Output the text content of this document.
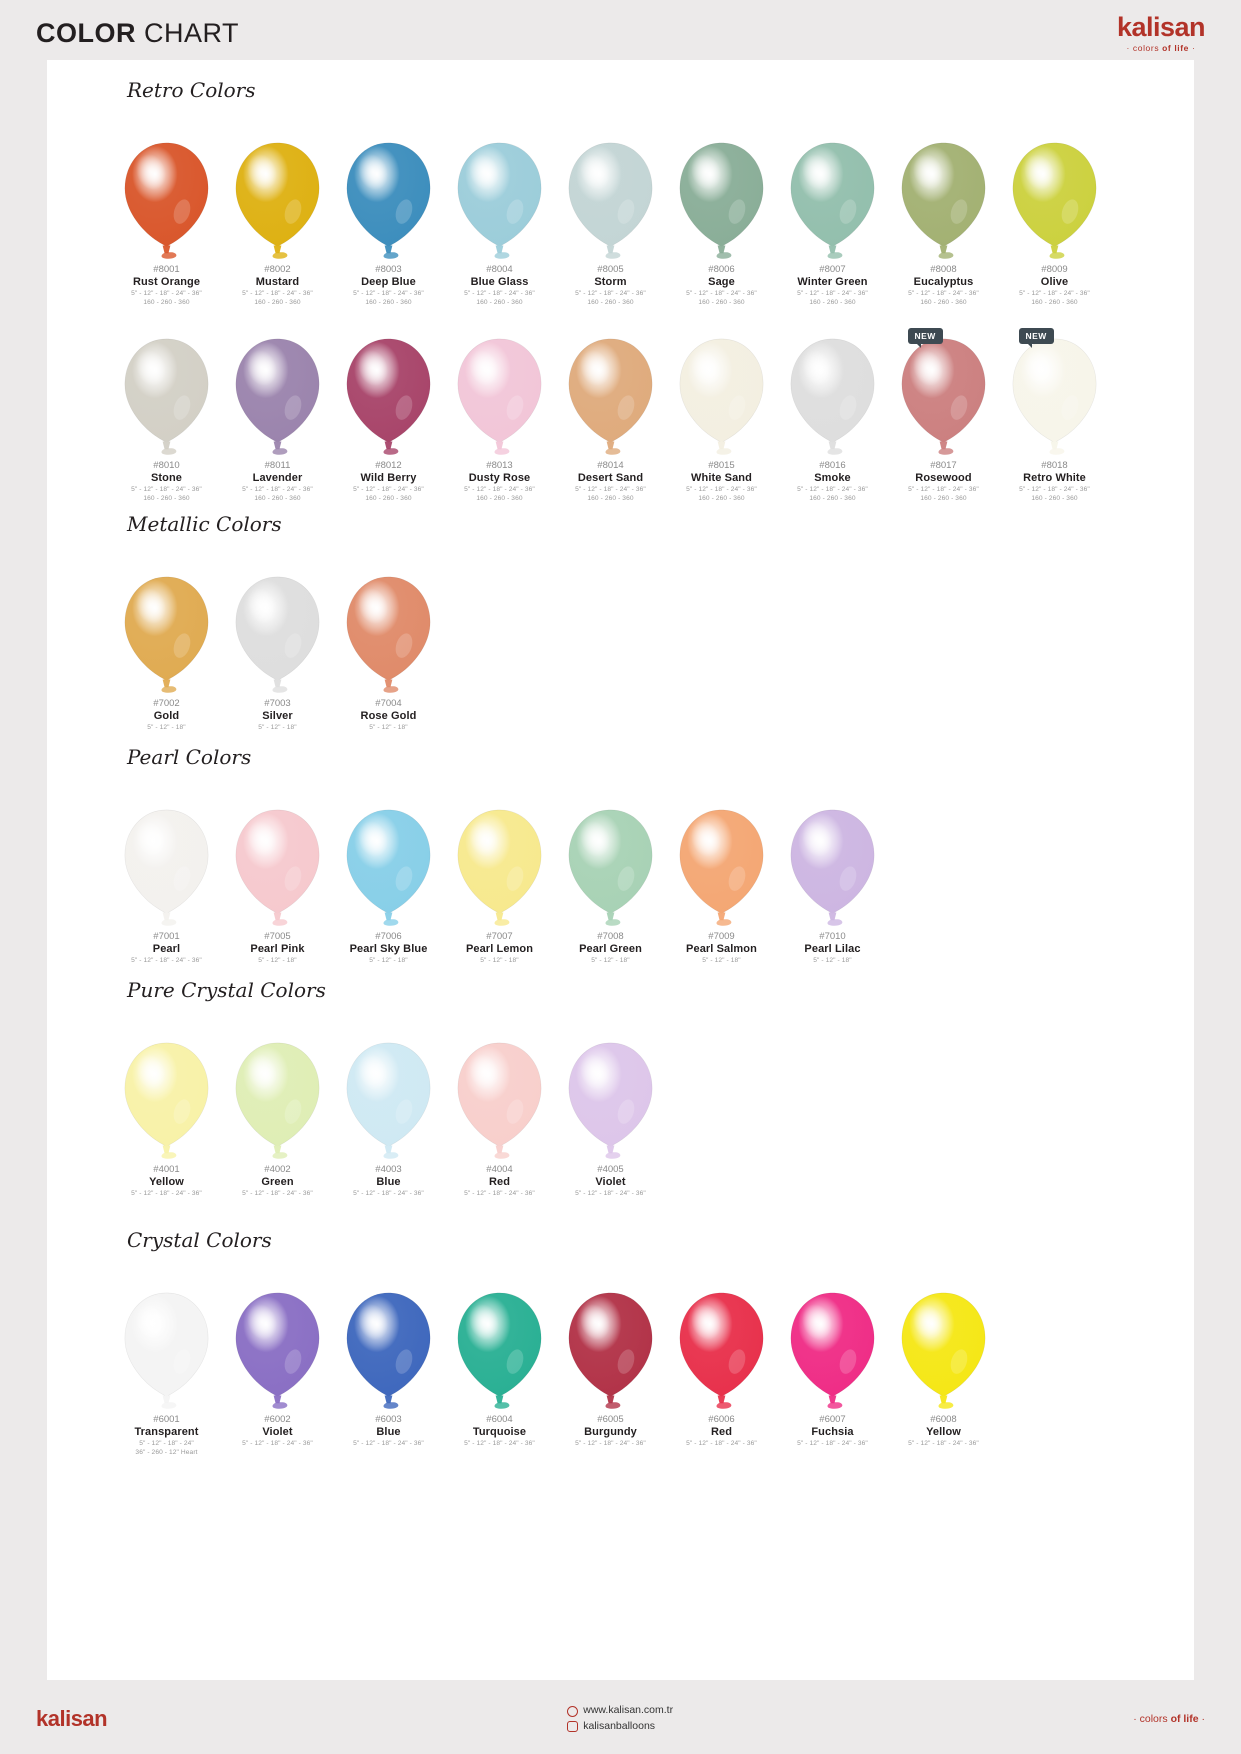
COLOR CHART	kalisan
· colors of life ·
Retro Colors
#8001
Rust Orange
5" - 12" - 18" - 24" - 36"
160 - 260 - 360
#8002
Mustard
5" - 12" - 18" - 24" - 36"
160 - 260 - 360
#8003
Deep Blue
5" - 12" - 18" - 24" - 36"
160 - 260 - 360
#8004
Blue Glass
5" - 12" - 18" - 24" - 36"
160 - 260 - 360
#8005
Storm
5" - 12" - 18" - 24" - 36"
160 - 260 - 360
#8006
Sage
5" - 12" - 18" - 24" - 36"
160 - 260 - 360
#8007
Winter Green
5" - 12" - 18" - 24" - 36"
160 - 260 - 360
#8008
Eucalyptus
5" - 12" - 18" - 24" - 36"
160 - 260 - 360
#8009
Olive
5" - 12" - 18" - 24" - 36"
160 - 260 - 360
#8010
Stone
5" - 12" - 18" - 24" - 36"
160 - 260 - 360
#8011
Lavender
5" - 12" - 18" - 24" - 36"
160 - 260 - 360
#8012
Wild Berry
5" - 12" - 18" - 24" - 36"
160 - 260 - 360
#8013
Dusty Rose
5" - 12" - 18" - 24" - 36"
160 - 260 - 360
#8014
Desert Sand
5" - 12" - 18" - 24" - 36"
160 - 260 - 360
#8015
White Sand
5" - 12" - 18" - 24" - 36"
160 - 260 - 360
#8016
Smoke
5" - 12" - 18" - 24" - 36"
160 - 260 - 360
NEW
#8017
Rosewood
5" - 12" - 18" - 24" - 36"
160 - 260 - 360
NEW
#8018
Retro White
5" - 12" - 18" - 24" - 36"
160 - 260 - 360
Metallic Colors
#7002
Gold
5" - 12" - 18"
#7003
Silver
5" - 12" - 18"
#7004
Rose Gold
5" - 12" - 18"
Pearl Colors
#7001
Pearl
5" - 12" - 18" - 24" - 36"
#7005
Pearl Pink
5" - 12" - 18"
#7006
Pearl Sky Blue
5" - 12" - 18"
#7007
Pearl Lemon
5" - 12" - 18"
#7008
Pearl Green
5" - 12" - 18"
#7009
Pearl Salmon
5" - 12" - 18"
#7010
Pearl Lilac
5" - 12" - 18"
Pure Crystal Colors
#4001
Yellow
5" - 12" - 18" - 24" - 36"
#4002
Green
5" - 12" - 18" - 24" - 36"
#4003
Blue
5" - 12" - 18" - 24" - 36"
#4004
Red
5" - 12" - 18" - 24" - 36"
#4005
Violet
5" - 12" - 18" - 24" - 36"
Crystal Colors
#6001
Transparent
5" - 12" - 18" - 24"
36" - 260 - 12" Heart
#6002
Violet
5" - 12" - 18" - 24" - 36"
#6003
Blue
5" - 12" - 18" - 24" - 36"
#6004
Turquoise
5" - 12" - 18" - 24" - 36"
#6005
Burgundy
5" - 12" - 18" - 24" - 36"
#6006
Red
5" - 12" - 18" - 24" - 36"
#6007
Fuchsia
5" - 12" - 18" - 24" - 36"
#6008
Yellow
5" - 12" - 18" - 24" - 36"
kalisan	www.kalisan.com.tr
kalisanballoons
· colors of life ·
